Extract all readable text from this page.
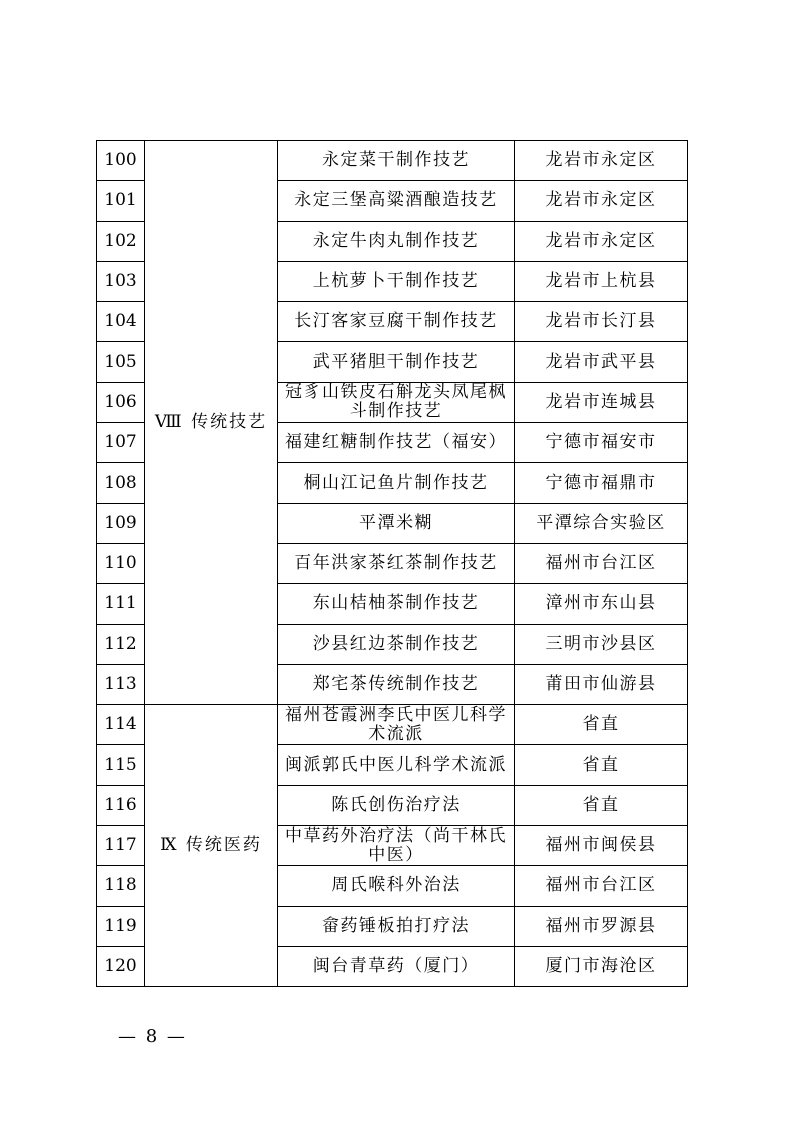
100	Ⅷ 传统技艺	永定菜干制作技艺	龙岩市永定区
101		永定三堡高粱酒酿造技艺	龙岩市永定区
102		永定牛肉丸制作技艺	龙岩市永定区
103		上杭萝卜干制作技艺	龙岩市上杭县
104		长汀客家豆腐干制作技艺	龙岩市长汀县
105		武平猪胆干制作技艺	龙岩市武平县
106		冠豸山铁皮石斛龙头凤尾枫斗制作技艺	龙岩市连城县
107		福建红糖制作技艺（福安）	宁德市福安市
108		桐山江记鱼片制作技艺	宁德市福鼎市
109		平潭米糊	平潭综合实验区
110		百年洪家茶红茶制作技艺	福州市台江区
111		东山桔柚茶制作技艺	漳州市东山县
112		沙县红边茶制作技艺	三明市沙县区
113		郑宅茶传统制作技艺	莆田市仙游县
114	Ⅸ 传统医药	福州苍霞洲李氏中医儿科学术流派	省直
115		闽派郭氏中医儿科学术流派	省直
116		陈氏创伤治疗法	省直
117		中草药外治疗法（尚干林氏中医）	福州市闽侯县
118		周氏喉科外治法	福州市台江区
119		畲药锤板拍打疗法	福州市罗源县
120		闽台青草药（厦门）	厦门市海沧区
— 8 —
